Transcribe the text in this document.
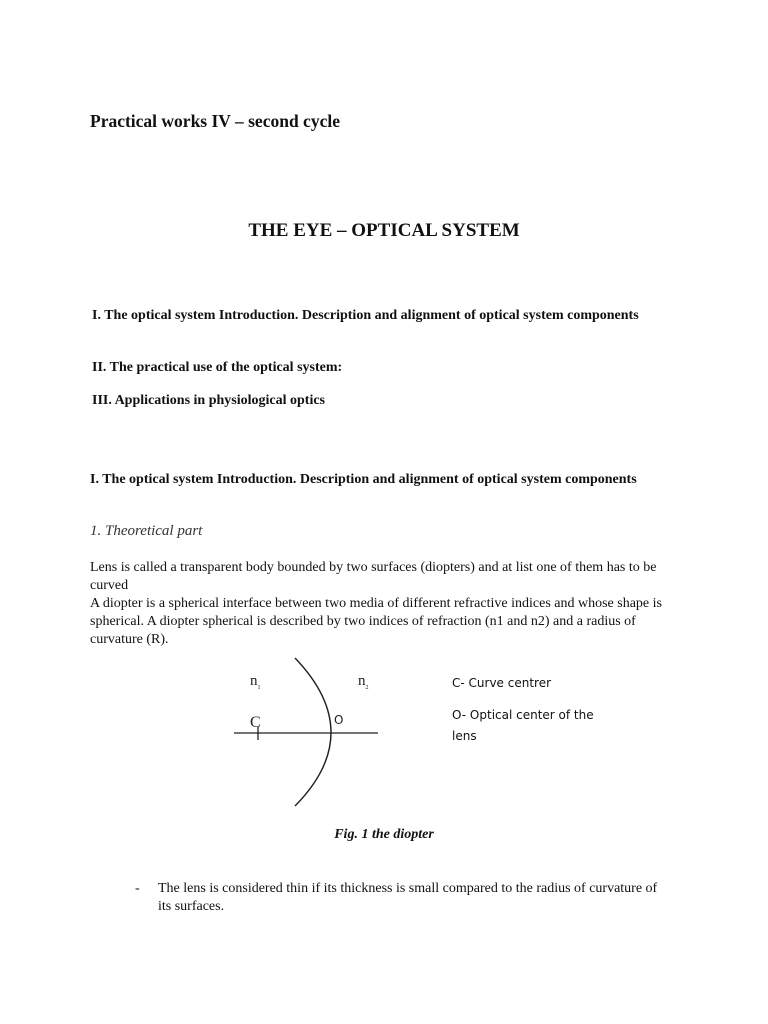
Practical works IV – second cycle

THE EYE – OPTICAL SYSTEM

I. The optical system Introduction. Description and alignment of optical system components

II. The practical use of the optical system:

III. Applications in physiological optics

I. The optical system Introduction. Description and alignment of optical system components

1. Theoretical part

Lens is called a transparent body bounded by two surfaces (diopters) and at list one of them has to be curved

A diopter is a spherical interface between two media of different refractive indices and whose shape is spherical. A diopter spherical is described by two indices of refraction (n1 and n2) and a radius of curvature (R).

$n_1$	$n_2$
C	O
C- Curve centrer
O- Optical center of the lens

Fig. 1 the diopter

- The lens is considered thin if its thickness is small compared to the radius of curvature of its surfaces.
